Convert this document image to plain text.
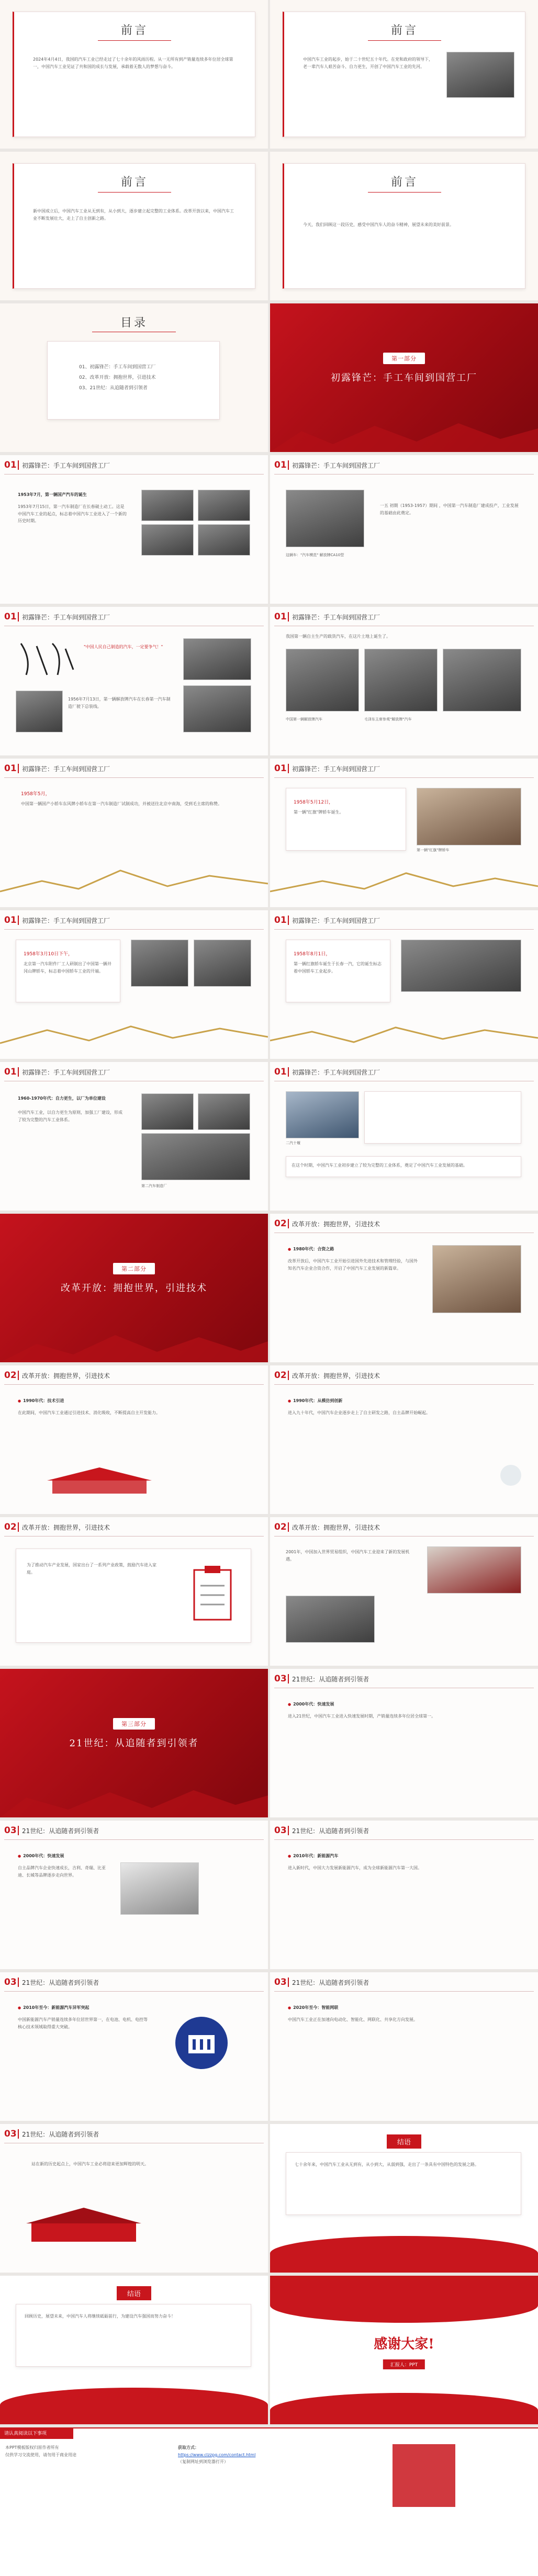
前言
2024年4月4日，我国的汽车工业已经走过了七十余年的风雨历程。从一无所有到产销量连续多年位居全球第一，中国汽车工业见证了共和国的成长与发展，承载着无数人的梦想与奋斗。
前言
中国汽车工业的起步，始于二十世纪五十年代。在党和政府的领导下，老一辈汽车人艰苦奋斗、自力更生，开创了中国汽车工业的先河。
前言
新中国成立后，中国汽车工业从无到有，从小到大，逐步建立起完整的工业体系。改革开放以来，中国汽车工业不断发展壮大，走上了自主创新之路。
前言
今天，我们回顾这一段历史，感受中国汽车人的奋斗精神，展望未来的美好前景。
目录
01、初露锋芒：手工车间到国营工厂
02、改革开放：拥抱世界，引进技术
03、21世纪：从追随者到引领者
第一部分
初露锋芒：手工车间到国营工厂
01 初露锋芒：手工车间到国营工厂
1953年7月，第一辆国产汽车的诞生
1953年7月15日，第一汽车制造厂在长春破土动工。这是中国汽车工业的起点，标志着中国汽车工业进入了一个新的历史时期。
01 初露锋芒：手工车间到国营工厂
这辆车："汽车模范" 解放牌CA10型
一五 初期（1953-1957）期间 ，中国第一汽车制造厂建成投产，工业发展的基础由此奠定。
01 初露锋芒：手工车间到国营工厂
"中国人民自己制造的汽车，一定要争气！"
1956年7月13日，第一辆解放牌汽车在长春第一汽车制造厂驶下总装线。
01 初露锋芒：手工车间到国营工厂
我国第一辆自主生产的载货汽车，在这片土地上诞生了。
中国第一辆解放牌汽车	毛泽东主席参观"解放牌"汽车
01 初露锋芒：手工车间到国营工厂
1958年5月，
中国第一辆国产小轿车东风牌小轿车在第一汽车制造厂试制成功，并被送往北京中南海，受到毛主席的称赞。
01 初露锋芒：手工车间到国营工厂
1958年5月12日，
第一辆"红旗"牌轿车诞生。
第一辆"红旗"牌轿车
01 初露锋芒：手工车间到国营工厂
1958年3月10日下午，
北京第一汽车附件厂工人研制出了中国第一辆井冈山牌轿车，标志着中国轿车工业的开端。
01 初露锋芒：手工车间到国营工厂
1958年8月1日，
第一辆红旗轿车诞生于长春一汽，它的诞生标志着中国轿车工业起步。
01 初露锋芒：手工车间到国营工厂
1960-1970年代：自力更生，以厂为单位建设
中国汽车工业，以自力更生为原则，加强工厂建设，形成了较为完整的汽车工业体系。
第二汽车制造厂
01 初露锋芒：手工车间到国营工厂
二汽十堰
在这个时期，中国汽车工业初步建立了较为完整的工业体系，奠定了中国汽车工业发展的基础。
第二部分
改革开放：拥抱世界，引进技术
02 改革开放：拥抱世界，引进技术
● 1980年代：合资之路
改革开放后，中国汽车工业开始引进国外先进技术和管理经验，与国外知名汽车企业合资合作，开启了中国汽车工业发展的新篇章。
02 改革开放：拥抱世界，引进技术
● 1990年代：技术引进
在此期间，中国汽车工业通过引进技术、消化吸收，不断提高自主开发能力。
02 改革开放：拥抱世界，引进技术
● 1990年代：从模仿到创新
进入九十年代，中国汽车企业逐步走上了自主研发之路，自主品牌开始崛起。
02 改革开放：拥抱世界，引进技术
为了推动汽车产业发展，国家出台了一系列产业政策，鼓励汽车进入家庭。
02 改革开放：拥抱世界，引进技术
2001年，中国加入世界贸易组织，中国汽车工业迎来了新的发展机遇。
第三部分
21世纪：从追随者到引领者
03 21世纪：从追随者到引领者
● 2000年代：快速发展
进入21世纪，中国汽车工业进入快速发展时期，产销量连续多年位居全球第一。
03 21世纪：从追随者到引领者
● 2000年代：快速发展
自主品牌汽车企业快速成长，吉利、奇瑞、比亚迪、长城等品牌逐步走向世界。
03 21世纪：从追随者到引领者
● 2010年代：新能源汽车
进入新时代，中国大力发展新能源汽车，成为全球新能源汽车第一大国。
03 21世纪：从追随者到引领者
● 2010年至今：新能源汽车异军突起
中国新能源汽车产销量连续多年位居世界第一，在电池、电机、电控等核心技术领域取得重大突破。
03 21世纪：从追随者到引领者
● 2020年至今：智能网联
中国汽车工业正在加速向电动化、智能化、网联化、共享化方向发展。
03 21世纪：从追随者到引领者
站在新的历史起点上，中国汽车工业必将迎来更加辉煌的明天。
结语
七十余年来，中国汽车工业从无到有，从小到大，从弱到强，走出了一条具有中国特色的发展之路。
结语
回顾历史，展望未来，中国汽车人将继续砥砺前行，为建设汽车强国而努力奋斗！
感谢大家!
汇报人：PPT
请认真阅读以下事项
本PPT模板版权归原作者所有
仅供学习交流使用，请勿用于商业用途
获取方式：
https://www.clzzpg.com/contact.html
（复制网址到浏览器打开）
